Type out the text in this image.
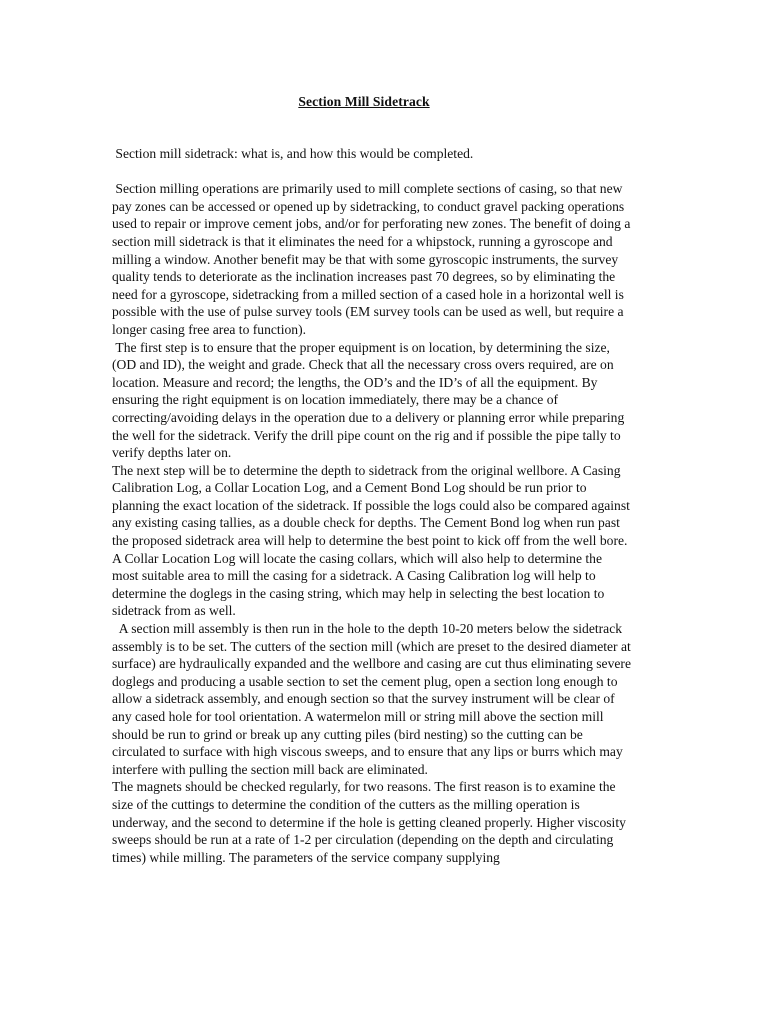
Section Mill Sidetrack

Section mill sidetrack: what is, and how this would be completed.

Section milling operations are primarily used to mill complete sections of casing, so that new pay zones can be accessed or opened up by sidetracking, to conduct gravel packing operations used to repair or improve cement jobs, and/or for perforating new zones. The benefit of doing a section mill sidetrack is that it eliminates the need for a whipstock, running a gyroscope and milling a window. Another benefit may be that with some gyroscopic instruments, the survey quality tends to deteriorate as the inclination increases past 70 degrees, so by eliminating the need for a gyroscope, sidetracking from a milled section of a cased hole in a horizontal well is possible with the use of pulse survey tools (EM survey tools can be used as well, but require a longer casing free area to function).

The first step is to ensure that the proper equipment is on location, by determining the size, (OD and ID), the weight and grade. Check that all the necessary cross overs required, are on location. Measure and record; the lengths, the OD’s and the ID’s of all the equipment. By ensuring the right equipment is on location immediately, there may be a chance of correcting/avoiding delays in the operation due to a delivery or planning error while preparing the well for the sidetrack. Verify the drill pipe count on the rig and if possible the pipe tally to verify depths later on.

The next step will be to determine the depth to sidetrack from the original wellbore. A Casing Calibration Log, a Collar Location Log, and a Cement Bond Log should be run prior to planning the exact location of the sidetrack. If possible the logs could also be compared against any existing casing tallies, as a double check for depths. The Cement Bond log when run past the proposed sidetrack area will help to determine the best point to kick off from the well bore. A Collar Location Log will locate the casing collars, which will also help to determine the most suitable area to mill the casing for a sidetrack. A Casing Calibration log will help to determine the doglegs in the casing string, which may help in selecting the best location to sidetrack from as well.

A section mill assembly is then run in the hole to the depth 10-20 meters below the sidetrack assembly is to be set. The cutters of the section mill (which are preset to the desired diameter at surface) are hydraulically expanded and the wellbore and casing are cut thus eliminating severe doglegs and producing a usable section to set the cement plug, open a section long enough to allow a sidetrack assembly, and enough section so that the survey instrument will be clear of any cased hole for tool orientation. A watermelon mill or string mill above the section mill should be run to grind or break up any cutting piles (bird nesting) so the cutting can be circulated to surface with high viscous sweeps, and to ensure that any lips or burrs which may interfere with pulling the section mill back are eliminated.

The magnets should be checked regularly, for two reasons. The first reason is to examine the size of the cuttings to determine the condition of the cutters as the milling operation is underway, and the second to determine if the hole is getting cleaned properly. Higher viscosity sweeps should be run at a rate of 1-2 per circulation (depending on the depth and circulating times) while milling. The parameters of the service company supplying
